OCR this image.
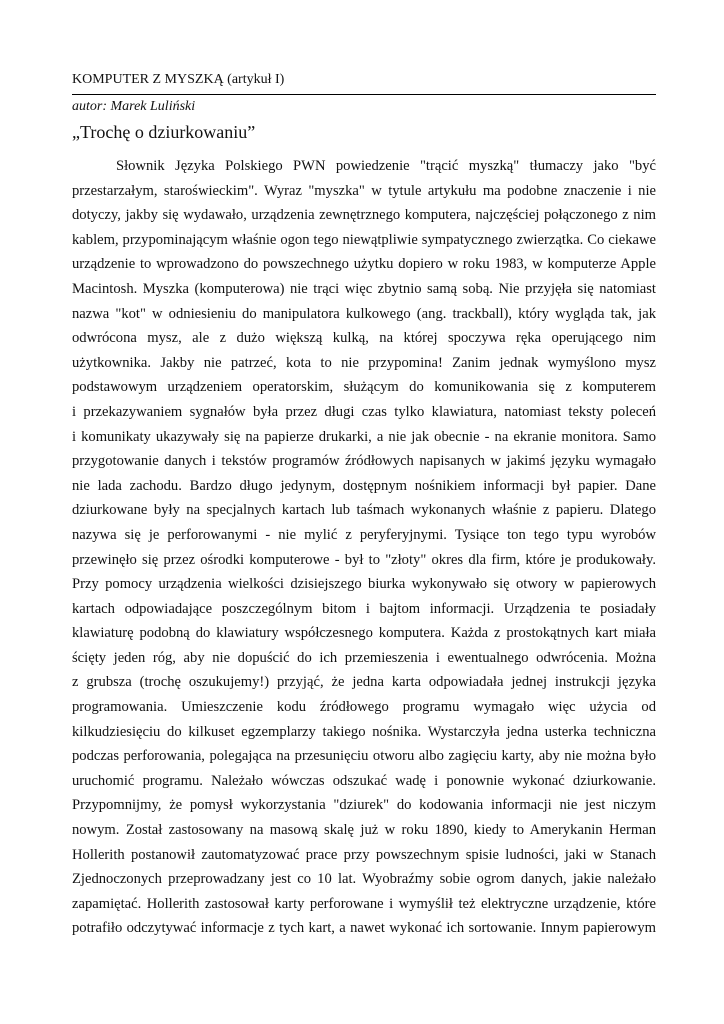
KOMPUTER Z MYSZKĄ (artykuł I)
autor: Marek Luliński
„Trochę o dziurkowaniu”
Słownik Języka Polskiego PWN powiedzenie "trącić myszką" tłumaczy jako "być
przestarzałym, staroświeckim". Wyraz "myszka" w tytule artykułu ma podobne znaczenie i nie
dotyczy, jakby się wydawało, urządzenia zewnętrznego komputera, najczęściej połączonego z nim
kablem, przypominającym właśnie ogon tego niewątpliwie sympatycznego zwierzątka. Co ciekawe
urządzenie to wprowadzono do powszechnego użytku dopiero w roku 1983, w komputerze Apple
Macintosh. Myszka (komputerowa) nie trąci więc zbytnio samą sobą. Nie przyjęła się natomiast
nazwa "kot" w odniesieniu do manipulatora kulkowego (ang. trackball), który wygląda tak, jak
odwrócona mysz, ale z dużo większą kulką, na której spoczywa ręka operującego nim
użytkownika. Jakby nie patrzeć, kota to nie przypomina! Zanim jednak wymyślono mysz
podstawowym urządzeniem operatorskim, służącym do komunikowania się z komputerem
i przekazywaniem sygnałów była przez długi czas tylko klawiatura, natomiast teksty poleceń
i komunikaty ukazywały się na papierze drukarki, a nie jak obecnie - na ekranie monitora. Samo
przygotowanie danych i tekstów programów źródłowych napisanych w jakimś języku wymagało
nie lada zachodu. Bardzo długo jedynym, dostępnym nośnikiem informacji był papier. Dane
dziurkowane były na specjalnych kartach lub taśmach wykonanych właśnie z papieru. Dlatego
nazywa się je perforowanymi - nie mylić z peryferyjnymi. Tysiące ton tego typu wyrobów
przewinęło się przez ośrodki komputerowe - był to "złoty" okres dla firm, które je produkowały.
Przy pomocy urządzenia wielkości dzisiejszego biurka wykonywało się otwory w papierowych
kartach odpowiadające poszczególnym bitom i bajtom informacji. Urządzenia te posiadały
klawiaturę podobną do klawiatury współczesnego komputera. Każda z prostokątnych kart miała
ścięty jeden róg, aby nie dopuścić do ich przemieszenia i ewentualnego odwrócenia. Można
z grubsza (trochę oszukujemy!) przyjąć, że jedna karta odpowiadała jednej instrukcji języka
programowania. Umieszczenie kodu źródłowego programu wymagało więc użycia od
kilkudziesięciu do kilkuset egzemplarzy takiego nośnika. Wystarczyła jedna usterka techniczna
podczas perforowania, polegająca na przesunięciu otworu albo zagięciu karty, aby nie można było
uruchomić programu. Należało wówczas odszukać wadę i ponownie wykonać dziurkowanie.
Przypomnijmy, że pomysł wykorzystania "dziurek" do kodowania informacji nie jest niczym
nowym. Został zastosowany na masową skalę już w roku 1890, kiedy to Amerykanin Herman
Hollerith postanowił zautomatyzować prace przy powszechnym spisie ludności, jaki w Stanach
Zjednoczonych przeprowadzany jest co 10 lat. Wyobraźmy sobie ogrom danych, jakie należało
zapamiętać. Hollerith zastosował karty perforowane i wymyślił też elektryczne urządzenie, które
potrafiło odczytywać informacje z tych kart, a nawet wykonać ich sortowanie. Innym papierowym
